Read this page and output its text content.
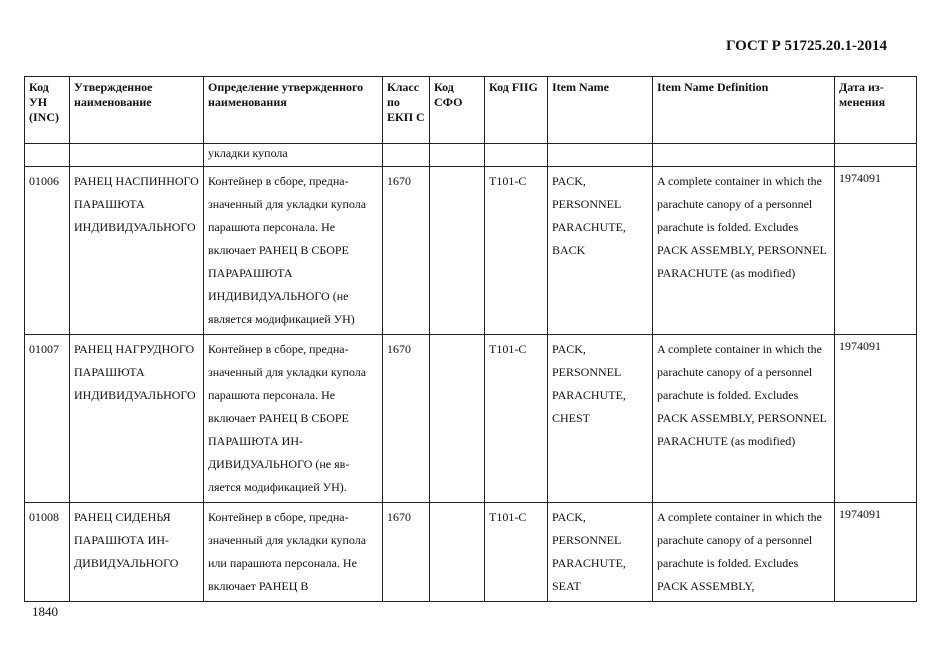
ГОСТ Р 51725.20.1-2014
Код УН (INC)	Утвержденное наименование	Определение утвержденного наименования	Класс по ЕКП С	Код СФО	Код FIIG	Item Name	Item Name Definition	Дата изменения
		укладки купола						
01006	РАНЕЦ НАСПИННОГО ПАРАШЮТА ИНДИВИДУАЛЬНОГО	Контейнер в сборе, предназначенный для укладки купола парашюта персонала. Не включает РАНЕЦ В СБОРЕ ПАРАРАШЮТА ИНДИВИДУАЛЬНОГО (не является модификацией УН)	1670		T101-C	PACK, PERSONNEL PARACHUTE, BACK	A complete container in which the parachute canopy of a personnel parachute is folded. Excludes PACK ASSEMBLY, PERSONNEL PARACHUTE (as modified)	1974091
01007	РАНЕЦ НАГРУДНОГО ПАРАШЮТА ИНДИВИДУАЛЬНОГО	Контейнер в сборе, предназначенный для укладки купола парашюта персонала. Не включает РАНЕЦ В СБОРЕ ПАРАШЮТА ИНДИВИДУАЛЬНОГО (не является модификацией УН).	1670		T101-C	PACK, PERSONNEL PARACHUTE, CHEST	A complete container in which the parachute canopy of a personnel parachute is folded. Excludes PACK ASSEMBLY, PERSONNEL PARACHUTE (as modified)	1974091
01008	РАНЕЦ СИДЕНЬЯ ПАРАШЮТА ИНДИВИДУАЛЬНОГО	Контейнер в сборе, предназначенный для укладки купола или парашюта персонала. Не включает РАНЕЦ В	1670		T101-C	PACK, PERSONNEL PARACHUTE, SEAT	A complete container in which the parachute canopy of a personnel parachute is folded. Excludes PACK ASSEMBLY,	1974091
1840
